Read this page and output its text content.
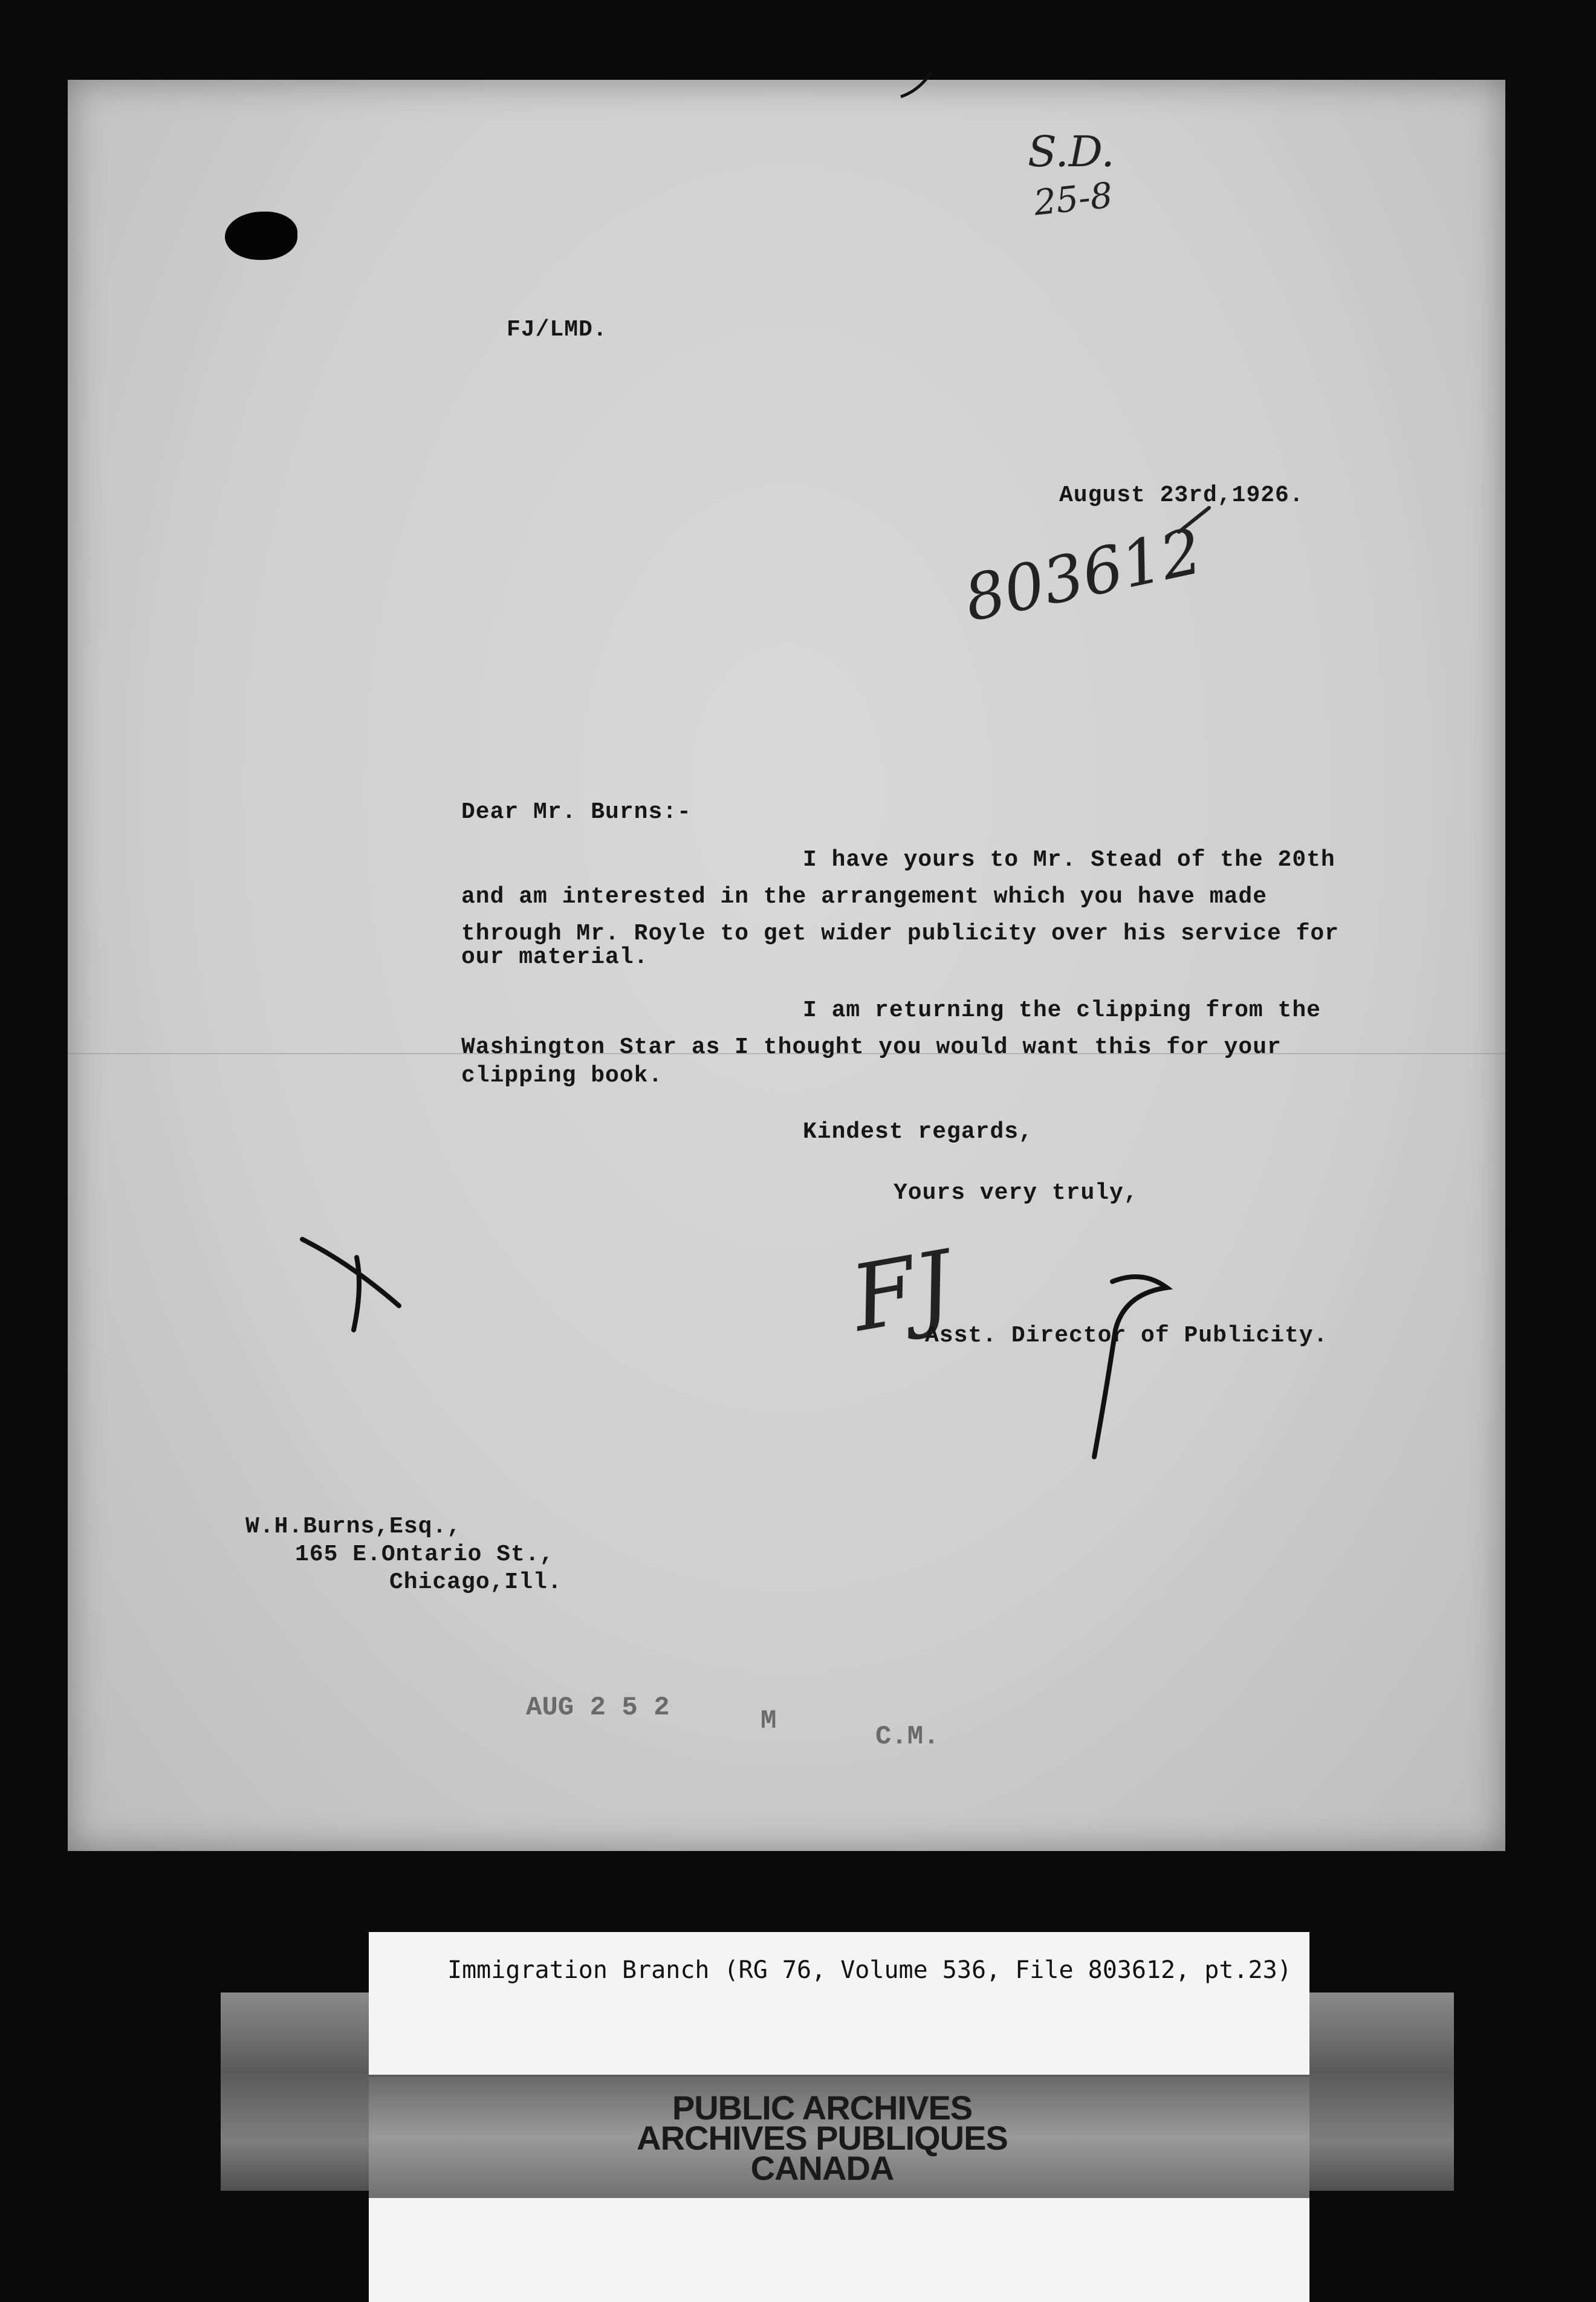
S.D.
25-8
FJ/LMD.
August 23rd,1926.
803612
Dear Mr. Burns:-
I have yours to Mr. Stead of the 20th
and am interested in the arrangement which you have made
through Mr. Royle to get wider publicity over his service for
our material.
I am returning the clipping from the
Washington Star as I thought you would want this for your
clipping book.
Kindest regards,
Yours very truly,
FJ
Asst. Director of Publicity.
W.H.Burns,Esq.,
165 E.Ontario St.,
Chicago,Ill.
AUG 2 5 2	M
C.M.
Immigration Branch (RG 76, Volume 536, File 803612, pt.23)
PUBLIC ARCHIVES
ARCHIVES PUBLIQUES
CANADA
